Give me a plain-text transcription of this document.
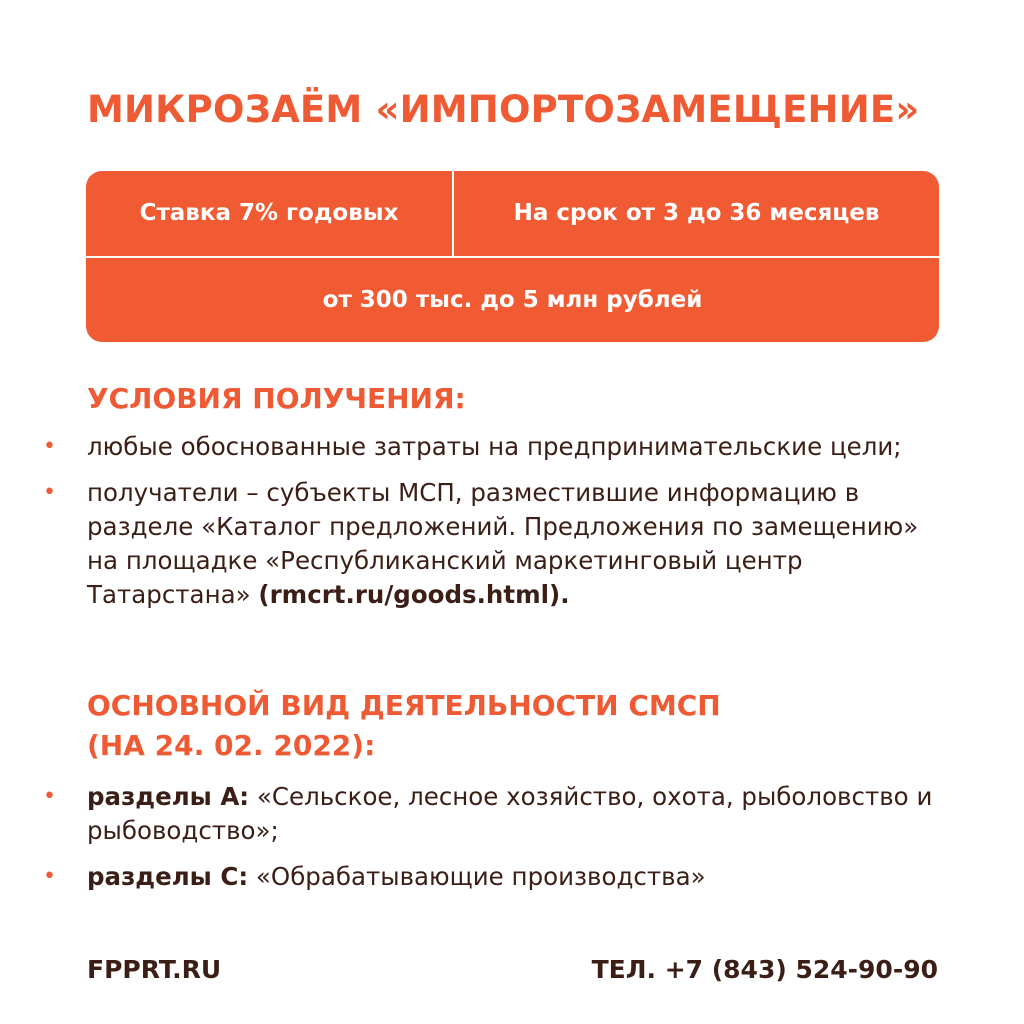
МИКРОЗАЁМ «ИМПОРТОЗАМЕЩЕНИЕ»
Ставка 7% годовых	На срок от 3 до 36 месяцев
от 300 тыс. до 5 млн рублей
УСЛОВИЯ ПОЛУЧЕНИЯ:
• любые обоснованные затраты на предпринимательские цели;
• получатели – субъекты МСП, разместившие информацию в разделе «Каталог предложений. Предложения по замещению» на площадке «Республиканский маркетинговый центр Татарстана» (rmcrt.ru/goods.html).
ОСНОВНОЙ ВИД ДЕЯТЕЛЬНОСТИ СМСП
(НА 24. 02. 2022):
• разделы А: «Сельское, лесное хозяйство, охота, рыболовство и рыбоводство»;
• разделы С: «Обрабатывающие производства»
FPPRT.RU	ТЕЛ. +7 (843) 524-90-90
